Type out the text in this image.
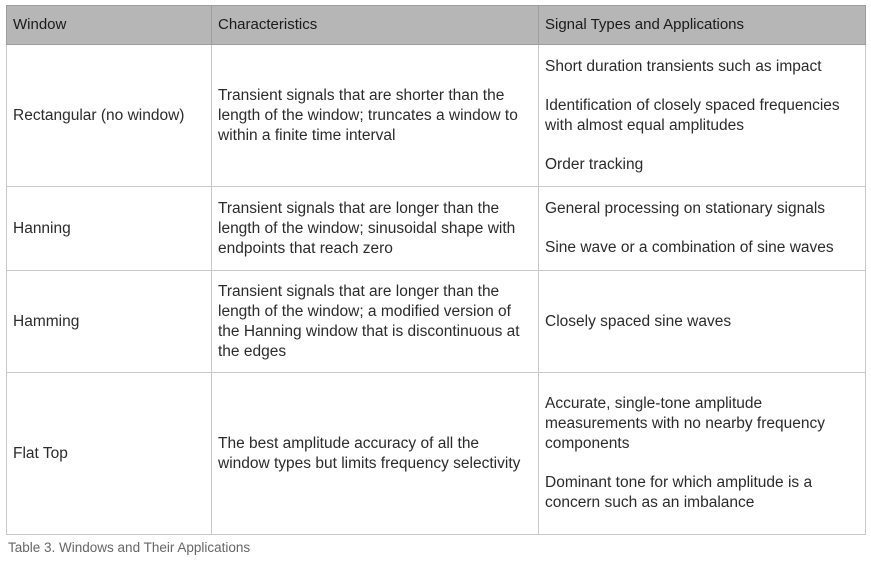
Window	Characteristics	Signal Types and Applications
Rectangular (no window)	Transient signals that are shorter than the length of the window; truncates a window to within a finite time interval	Short duration transients such as impact
Identification of closely spaced frequencies with almost equal amplitudes
Order tracking

Hanning	Transient signals that are longer than the length of the window; sinusoidal shape with endpoints that reach zero	General processing on stationary signals
Sine wave or a combination of sine waves

Hamming	Transient signals that are longer than the length of the window; a modified version of the Hanning window that is discontinuous at the edges	Closely spaced sine waves

Flat Top	The best amplitude accuracy of all the window types but limits frequency selectivity	Accurate, single-tone amplitude measurements with no nearby frequency components
Dominant tone for which amplitude is a concern such as an imbalance
Table 3. Windows and Their Applications
